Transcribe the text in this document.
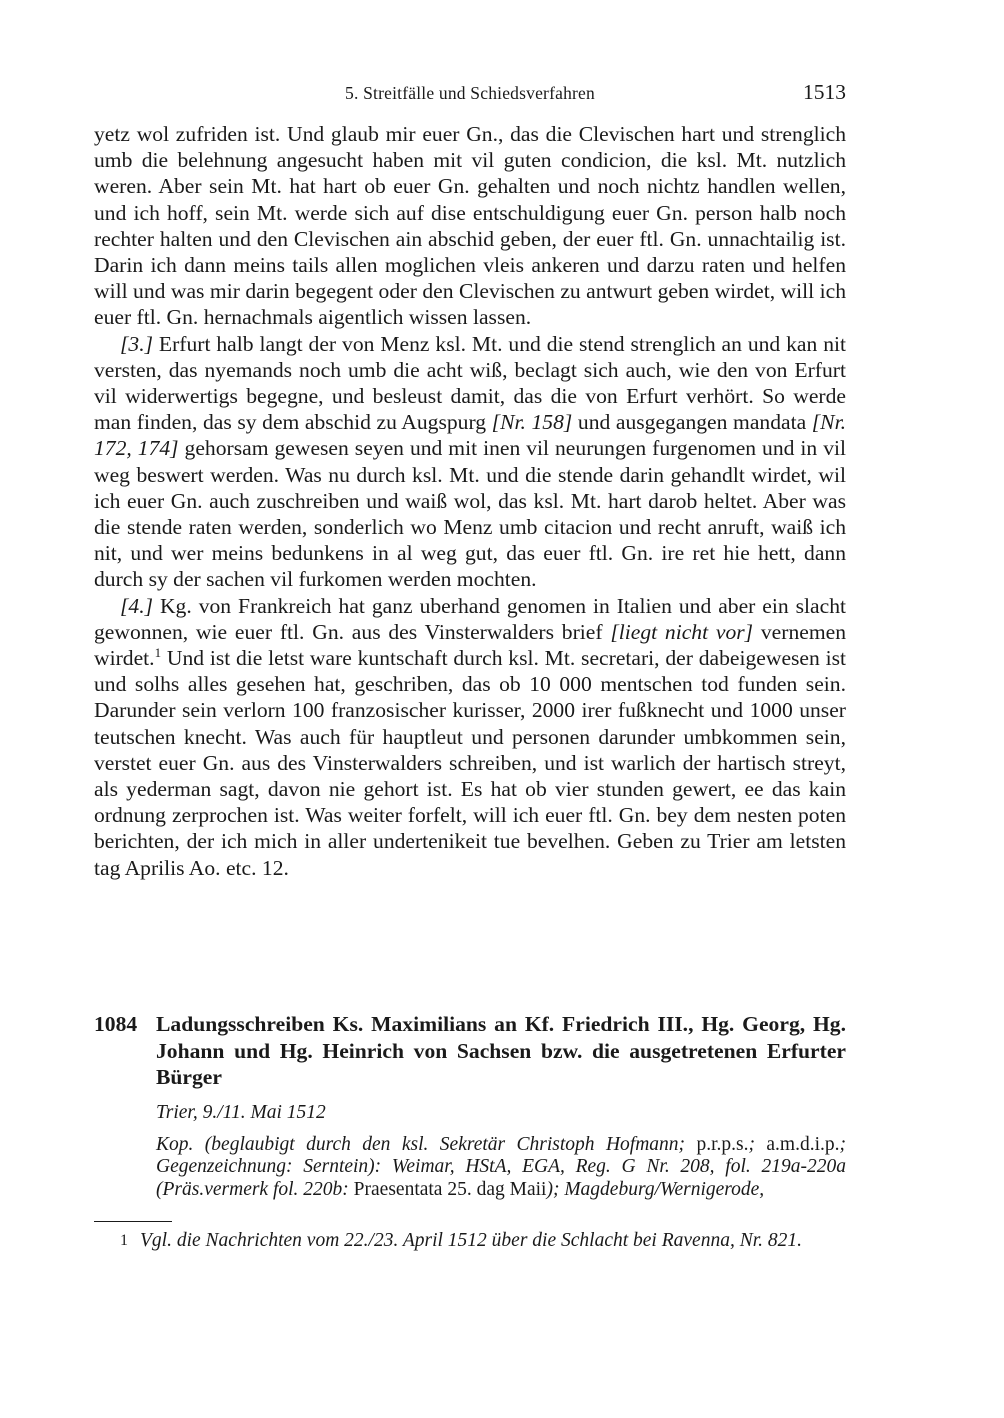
5. Streitfälle und Schiedsverfahren	1513

yetz wol zufriden ist. Und glaub mir euer Gn., das die Clevischen hart und strenglich umb die belehnung angesucht haben mit vil guten condicion, die ksl. Mt. nutzlich weren. Aber sein Mt. hat hart ob euer Gn. gehalten und noch nichtz handlen wellen, und ich hoff, sein Mt. werde sich auf dise entschuldigung euer Gn. person halb noch rechter halten und den Clevischen ain abschid geben, der euer ftl. Gn. unnachtailig ist. Darin ich dann meins tails allen moglichen vleis ankeren und darzu raten und helfen will und was mir darin begegent oder den Clevischen zu antwurt geben wirdet, will ich euer ftl. Gn. hernachmals aigentlich wissen lassen.

[3.] Erfurt halb langt der von Menz ksl. Mt. und die stend strenglich an und kan nit versten, das nyemands noch umb die acht wiß, beclagt sich auch, wie den von Erfurt vil widerwertigs begegne, und besleust damit, das die von Erfurt verhört. So werde man finden, das sy dem abschid zu Augspurg [Nr. 158] und ausgegangen mandata [Nr. 172, 174] gehorsam gewesen seyen und mit inen vil neurungen furgenomen und in vil weg beswert werden. Was nu durch ksl. Mt. und die stende darin gehandlt wirdet, wil ich euer Gn. auch zuschreiben und waiß wol, das ksl. Mt. hart darob heltet. Aber was die stende raten werden, sonderlich wo Menz umb citacion und recht anruft, waiß ich nit, und wer meins bedunkens in al weg gut, das euer ftl. Gn. ire ret hie hett, dann durch sy der sachen vil furkomen werden mochten.

[4.] Kg. von Frankreich hat ganz uberhand genomen in Italien und aber ein slacht gewonnen, wie euer ftl. Gn. aus des Vinsterwalders brief [liegt nicht vor] vernemen wirdet.$^1$ Und ist die letst ware kuntschaft durch ksl. Mt. secretari, der dabeigewesen ist und solhs alles gesehen hat, geschriben, das ob 10 000 mentschen tod funden sein. Darunder sein verlorn 100 franzosischer kurisser, 2000 irer fußknecht und 1000 unser teutschen knecht. Was auch für hauptleut und personen darunder umbkommen sein, verstet euer Gn. aus des Vinsterwalders schreiben, und ist warlich der hartisch streyt, als yederman sagt, davon nie gehort ist. Es hat ob vier stunden gewert, ee das kain ordnung zerprochen ist. Was weiter forfelt, will ich euer ftl. Gn. bey dem nesten poten berichten, der ich mich in aller undertenikeit tue bevelhen. Geben zu Trier am letsten tag Aprilis Ao. etc. 12.

1084 Ladungsschreiben Ks. Maximilians an Kf. Friedrich III., Hg. Georg, Hg. Johann und Hg. Heinrich von Sachsen bzw. die ausgetretenen Erfurter Bürger
Trier, 9./11. Mai 1512
Kop. (beglaubigt durch den ksl. Sekretär Christoph Hofmann; p.r.p.s.; a.m.d.i.p.; Gegenzeichnung: Serntein): Weimar, HStA, EGA, Reg. G Nr. 208, fol. 219a-220a (Präs.vermerk fol. 220b: Praesentata 25. dag Maii); Magdeburg/Wernigerode,
1 Vgl. die Nachrichten vom 22./23. April 1512 über die Schlacht bei Ravenna, Nr. 821.
